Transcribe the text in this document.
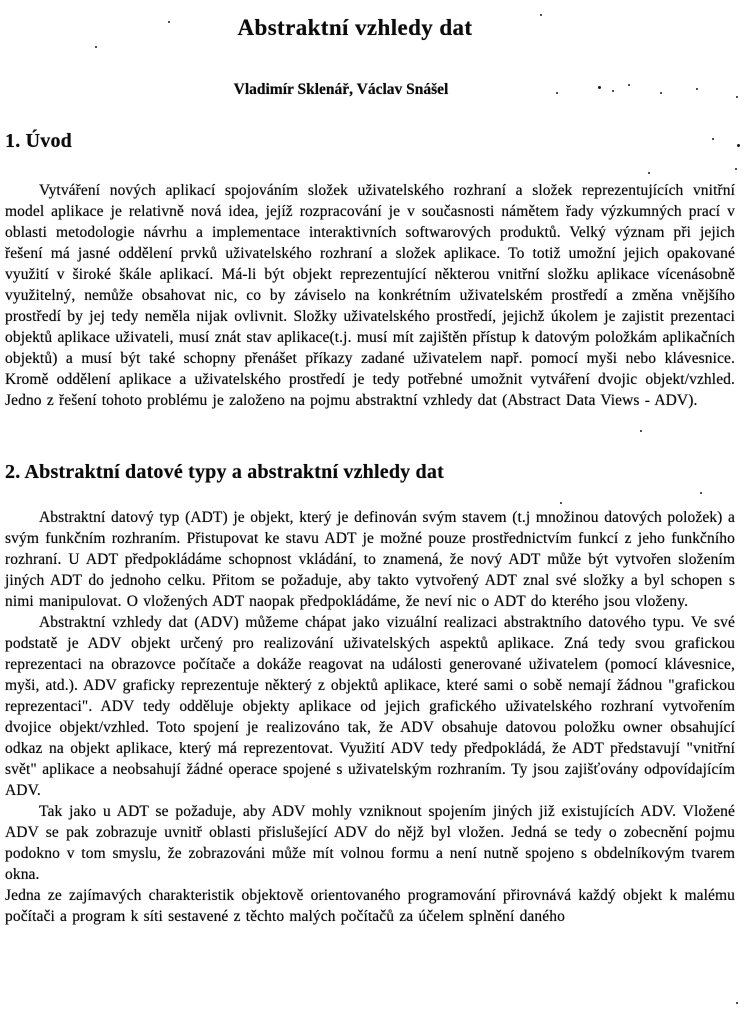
Abstraktní vzhledy dat
Vladimír Sklenář, Václav Snášel
1. Úvod

Vytváření nových aplikací spojováním složek uživatelského rozhraní a složek reprezentujících vnitřní model aplikace je relativně nová idea, jejíž rozpracování je v současnosti námětem řady výzkumných prací v oblasti metodologie návrhu a implementace interaktivních softwarových produktů. Velký význam při jejich řešení má jasné oddělení prvků uživatelského rozhraní a složek aplikace. To totiž umožní jejich opakované využití v široké škále aplikací. Má-li být objekt reprezentující některou vnitřní složku aplikace vícenásobně využitelný, nemůže obsahovat nic, co by záviselo na konkrétním uživatelském prostředí a změna vnějšího prostředí by jej tedy neměla nijak ovlivnit. Složky uživatelského prostředí, jejichž úkolem je zajistit prezentaci objektů aplikace uživateli, musí znát stav aplikace(t.j. musí mít zajištěn přístup k datovým položkám aplikačních objektů) a musí být také schopny přenášet příkazy zadané uživatelem např. pomocí myši nebo klávesnice. Kromě oddělení aplikace a uživatelského prostředí je tedy potřebné umožnit vytváření dvojic objekt/vzhled. Jedno z řešení tohoto problému je založeno na pojmu abstraktní vzhledy dat (Abstract Data Views - ADV).

2. Abstraktní datové typy a abstraktní vzhledy dat

Abstraktní datový typ (ADT) je objekt, který je definován svým stavem (t.j množinou datových položek) a svým funkčním rozhraním. Přistupovat ke stavu ADT je možné pouze prostřednictvím funkcí z jeho funkčního rozhraní. U ADT předpokládáme schopnost vkládání, to znamená, že nový ADT může být vytvořen složením jiných ADT do jednoho celku. Přitom se požaduje, aby takto vytvořený ADT znal své složky a byl schopen s nimi manipulovat. O vložených ADT naopak předpokládáme, že neví nic o ADT do kterého jsou vloženy.

Abstraktní vzhledy dat (ADV) můžeme chápat jako vizuální realizaci abstraktního datového typu. Ve své podstatě je ADV objekt určený pro realizování uživatelských aspektů aplikace. Zná tedy svou grafickou reprezentaci na obrazovce počítače a dokáže reagovat na události generované uživatelem (pomocí klávesnice, myši, atd.). ADV graficky reprezentuje některý z objektů aplikace, které sami o sobě nemají žádnou "grafickou reprezentaci". ADV tedy odděluje objekty aplikace od jejich grafického uživatelského rozhraní vytvořením dvojice objekt/vzhled. Toto spojení je realizováno tak, že ADV obsahuje datovou položku owner obsahující odkaz na objekt aplikace, který má reprezentovat. Využití ADV tedy předpokládá, že ADT představují "vnitřní svět" aplikace a neobsahují žádné operace spojené s uživatelským rozhraním. Ty jsou zajišťovány odpovídajícím ADV.

Tak jako u ADT se požaduje, aby ADV mohly vzniknout spojením jiných již existujících ADV. Vložené ADV se pak zobrazuje uvnitř oblasti přislušející ADV do nějž byl vložen. Jedná se tedy o zobecnění pojmu podokno v tom smyslu, že zobrazováni může mít volnou formu a není nutně spojeno s obdelníkovým tvarem okna.

Jedna ze zajímavých charakteristik objektově orientovaného programování přirovnává každý objekt k malému počítači a program k síti sestavené z těchto malých počítačů za účelem splnění daného
